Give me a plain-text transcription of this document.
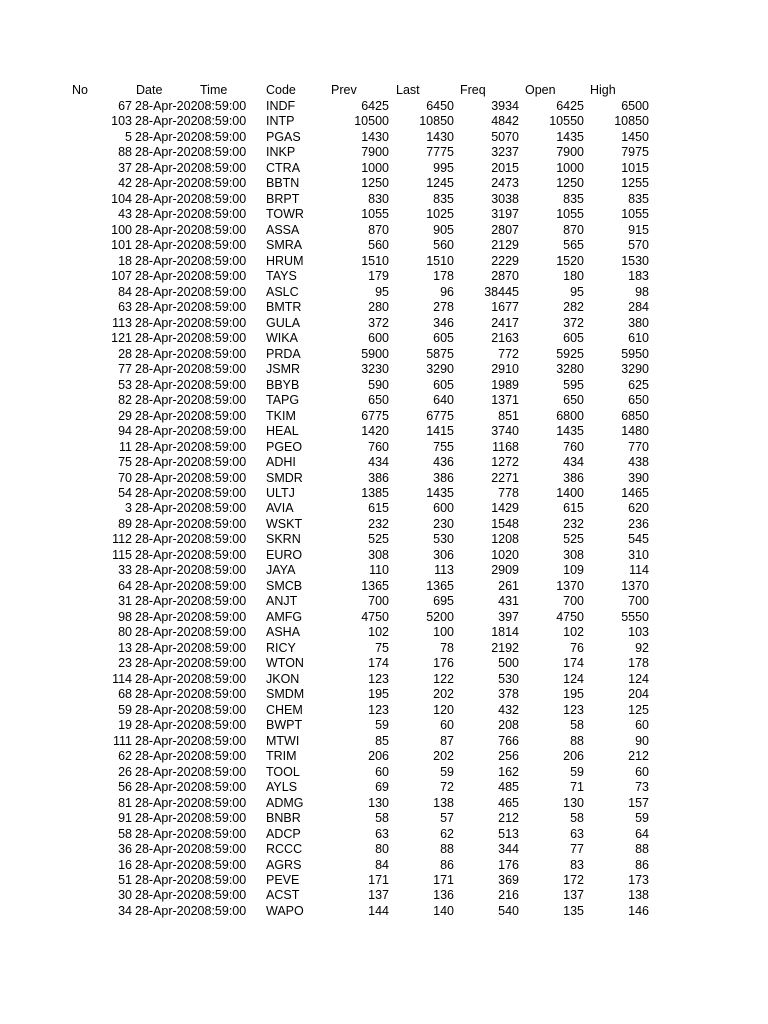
No	Date	Time	Code	Prev	Last	Freq	Open	High
67 28-Apr-20208:59:00 INDF	6425	6450	3934	6425	6500
103 28-Apr-20208:59:00 INTP	10500 10850	4842 10550 10850
5 28-Apr-20208:59:00 PGAS	1430	1430	5070	1435	1450
88 28-Apr-20208:59:00 INKP	7900	7775	3237	7900	7975
37 28-Apr-20208:59:00 CTRA	1000	995	2015	1000	1015
42 28-Apr-20208:59:00 BBTN	1250	1245	2473	1250	1255
104 28-Apr-20208:59:00 BRPT	830	835	3038	835	835
43 28-Apr-20208:59:00 TOWR	1055	1025	3197	1055	1055
100 28-Apr-20208:59:00 ASSA	870	905	2807	870	915
101 28-Apr-20208:59:00 SMRA	560	560	2129	565	570
18 28-Apr-20208:59:00 HRUM	1510	1510	2229	1520	1530
107 28-Apr-20208:59:00 TAYS	179	178	2870	180	183
84 28-Apr-20208:59:00 ASLC	95	96 38445	95	98
63 28-Apr-20208:59:00 BMTR	280	278	1677	282	284
113 28-Apr-20208:59:00 GULA	372	346	2417	372	380
121 28-Apr-20208:59:00 WIKA	600	605	2163	605	610
28 28-Apr-20208:59:00 PRDA	5900	5875	772	5925	5950
77 28-Apr-20208:59:00 JSMR	3230	3290	2910	3280	3290
53 28-Apr-20208:59:00 BBYB	590	605	1989	595	625
82 28-Apr-20208:59:00 TAPG	650	640	1371	650	650
29 28-Apr-20208:59:00 TKIM	6775	6775	851	6800	6850
94 28-Apr-20208:59:00 HEAL	1420	1415	3740	1435	1480
11 28-Apr-20208:59:00 PGEO	760	755	1168	760	770
75 28-Apr-20208:59:00 ADHI	434	436	1272	434	438
70 28-Apr-20208:59:00 SMDR	386	386	2271	386	390
54 28-Apr-20208:59:00 ULTJ	1385	1435	778	1400	1465
3 28-Apr-20208:59:00 AVIA	615	600	1429	615	620
89 28-Apr-20208:59:00 WSKT	232	230	1548	232	236
112 28-Apr-20208:59:00 SKRN	525	530	1208	525	545
115 28-Apr-20208:59:00 EURO	308	306	1020	308	310
33 28-Apr-20208:59:00 JAYA	110	113	2909	109	114
64 28-Apr-20208:59:00 SMCB	1365	1365	261	1370	1370
31 28-Apr-20208:59:00 ANJT	700	695	431	700	700
98 28-Apr-20208:59:00 AMFG	4750	5200	397	4750	5550
80 28-Apr-20208:59:00 ASHA	102	100	1814	102	103
13 28-Apr-20208:59:00 RICY	75	78	2192	76	92
23 28-Apr-20208:59:00 WTON	174	176	500	174	178
114 28-Apr-20208:59:00 JKON	123	122	530	124	124
68 28-Apr-20208:59:00 SMDM	195	202	378	195	204
59 28-Apr-20208:59:00 CHEM	123	120	432	123	125
19 28-Apr-20208:59:00 BWPT	59	60	208	58	60
111 28-Apr-20208:59:00 MTWI	85	87	766	88	90
62 28-Apr-20208:59:00 TRIM	206	202	256	206	212
26 28-Apr-20208:59:00 TOOL	60	59	162	59	60
56 28-Apr-20208:59:00 AYLS	69	72	485	71	73
81 28-Apr-20208:59:00 ADMG	130	138	465	130	157
91 28-Apr-20208:59:00 BNBR	58	57	212	58	59
58 28-Apr-20208:59:00 ADCP	63	62	513	63	64
36 28-Apr-20208:59:00 RCCC	80	88	344	77	88
16 28-Apr-20208:59:00 AGRS	84	86	176	83	86
51 28-Apr-20208:59:00 PEVE	171	171	369	172	173
30 28-Apr-20208:59:00 ACST	137	136	216	137	138
34 28-Apr-20208:59:00 WAPO	144	140	540	135	146
